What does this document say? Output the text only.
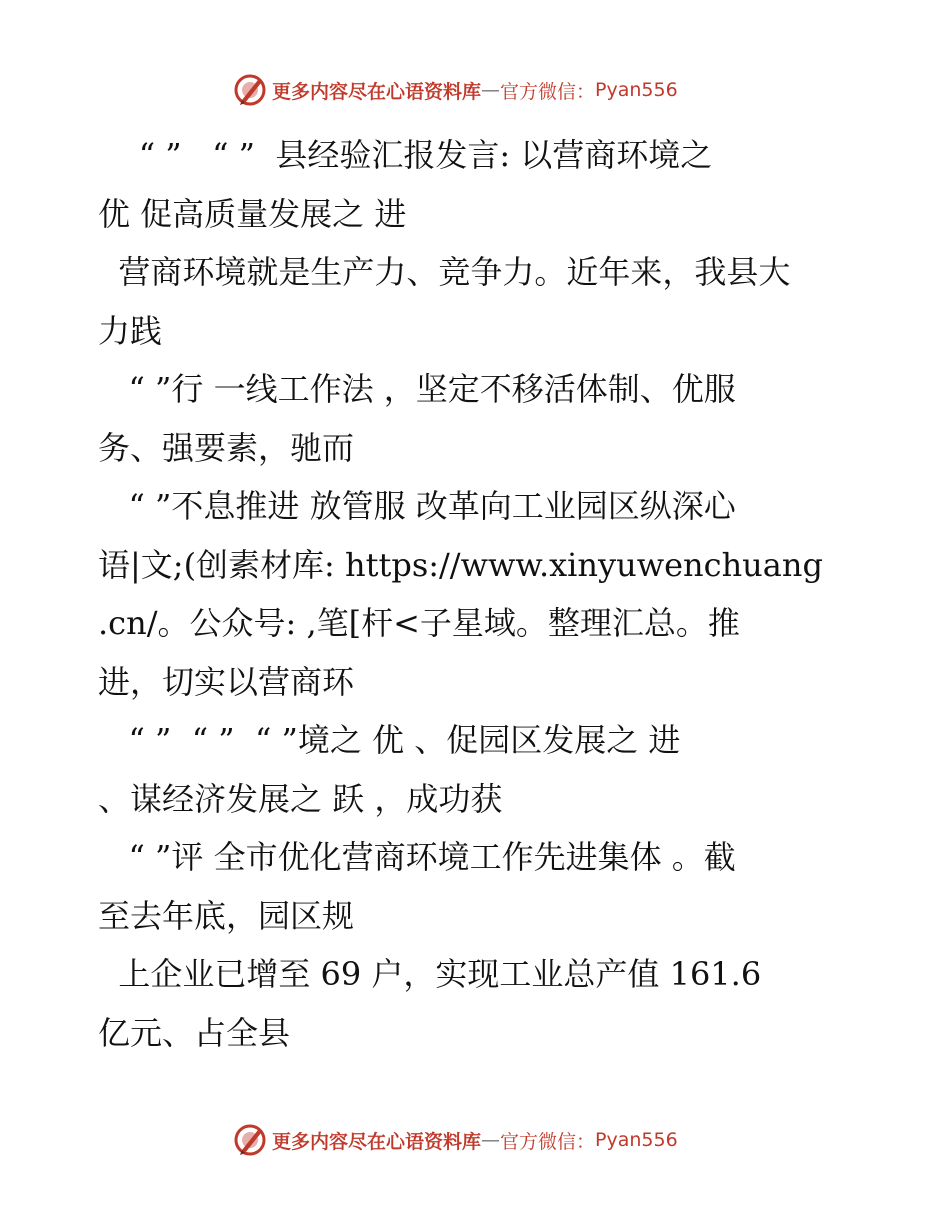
更多内容尽在心语资料库 — 官方微信： Pyan556
“ ”   “ ”  县经验汇报发言: 以营商环境之
优 促高质量发展之 进
营商环境就是生产力、竞争力。近年来，我县大
力践
“ ”行 一线工作法 ，坚定不移活体制、优服
务、强要素，驰而
“ ”不息推进 放管服 改革向工业园区纵深心
语|文;(创素材库: https://www.xinyuwenchuang
.cn/。公众号: ,笔[杆<子星域。整理汇总。推
进，切实以营商环
“ ”  “ ”  “ ”境之 优 、促园区发展之 进
、谋经济发展之 跃 ，成功获
“ ”评 全市优化营商环境工作先进集体 。截
至去年底，园区规
上企业已增至 69 户，实现工业总产值 161.6
亿元、占全县
更多内容尽在心语资料库 — 官方微信： Pyan556
